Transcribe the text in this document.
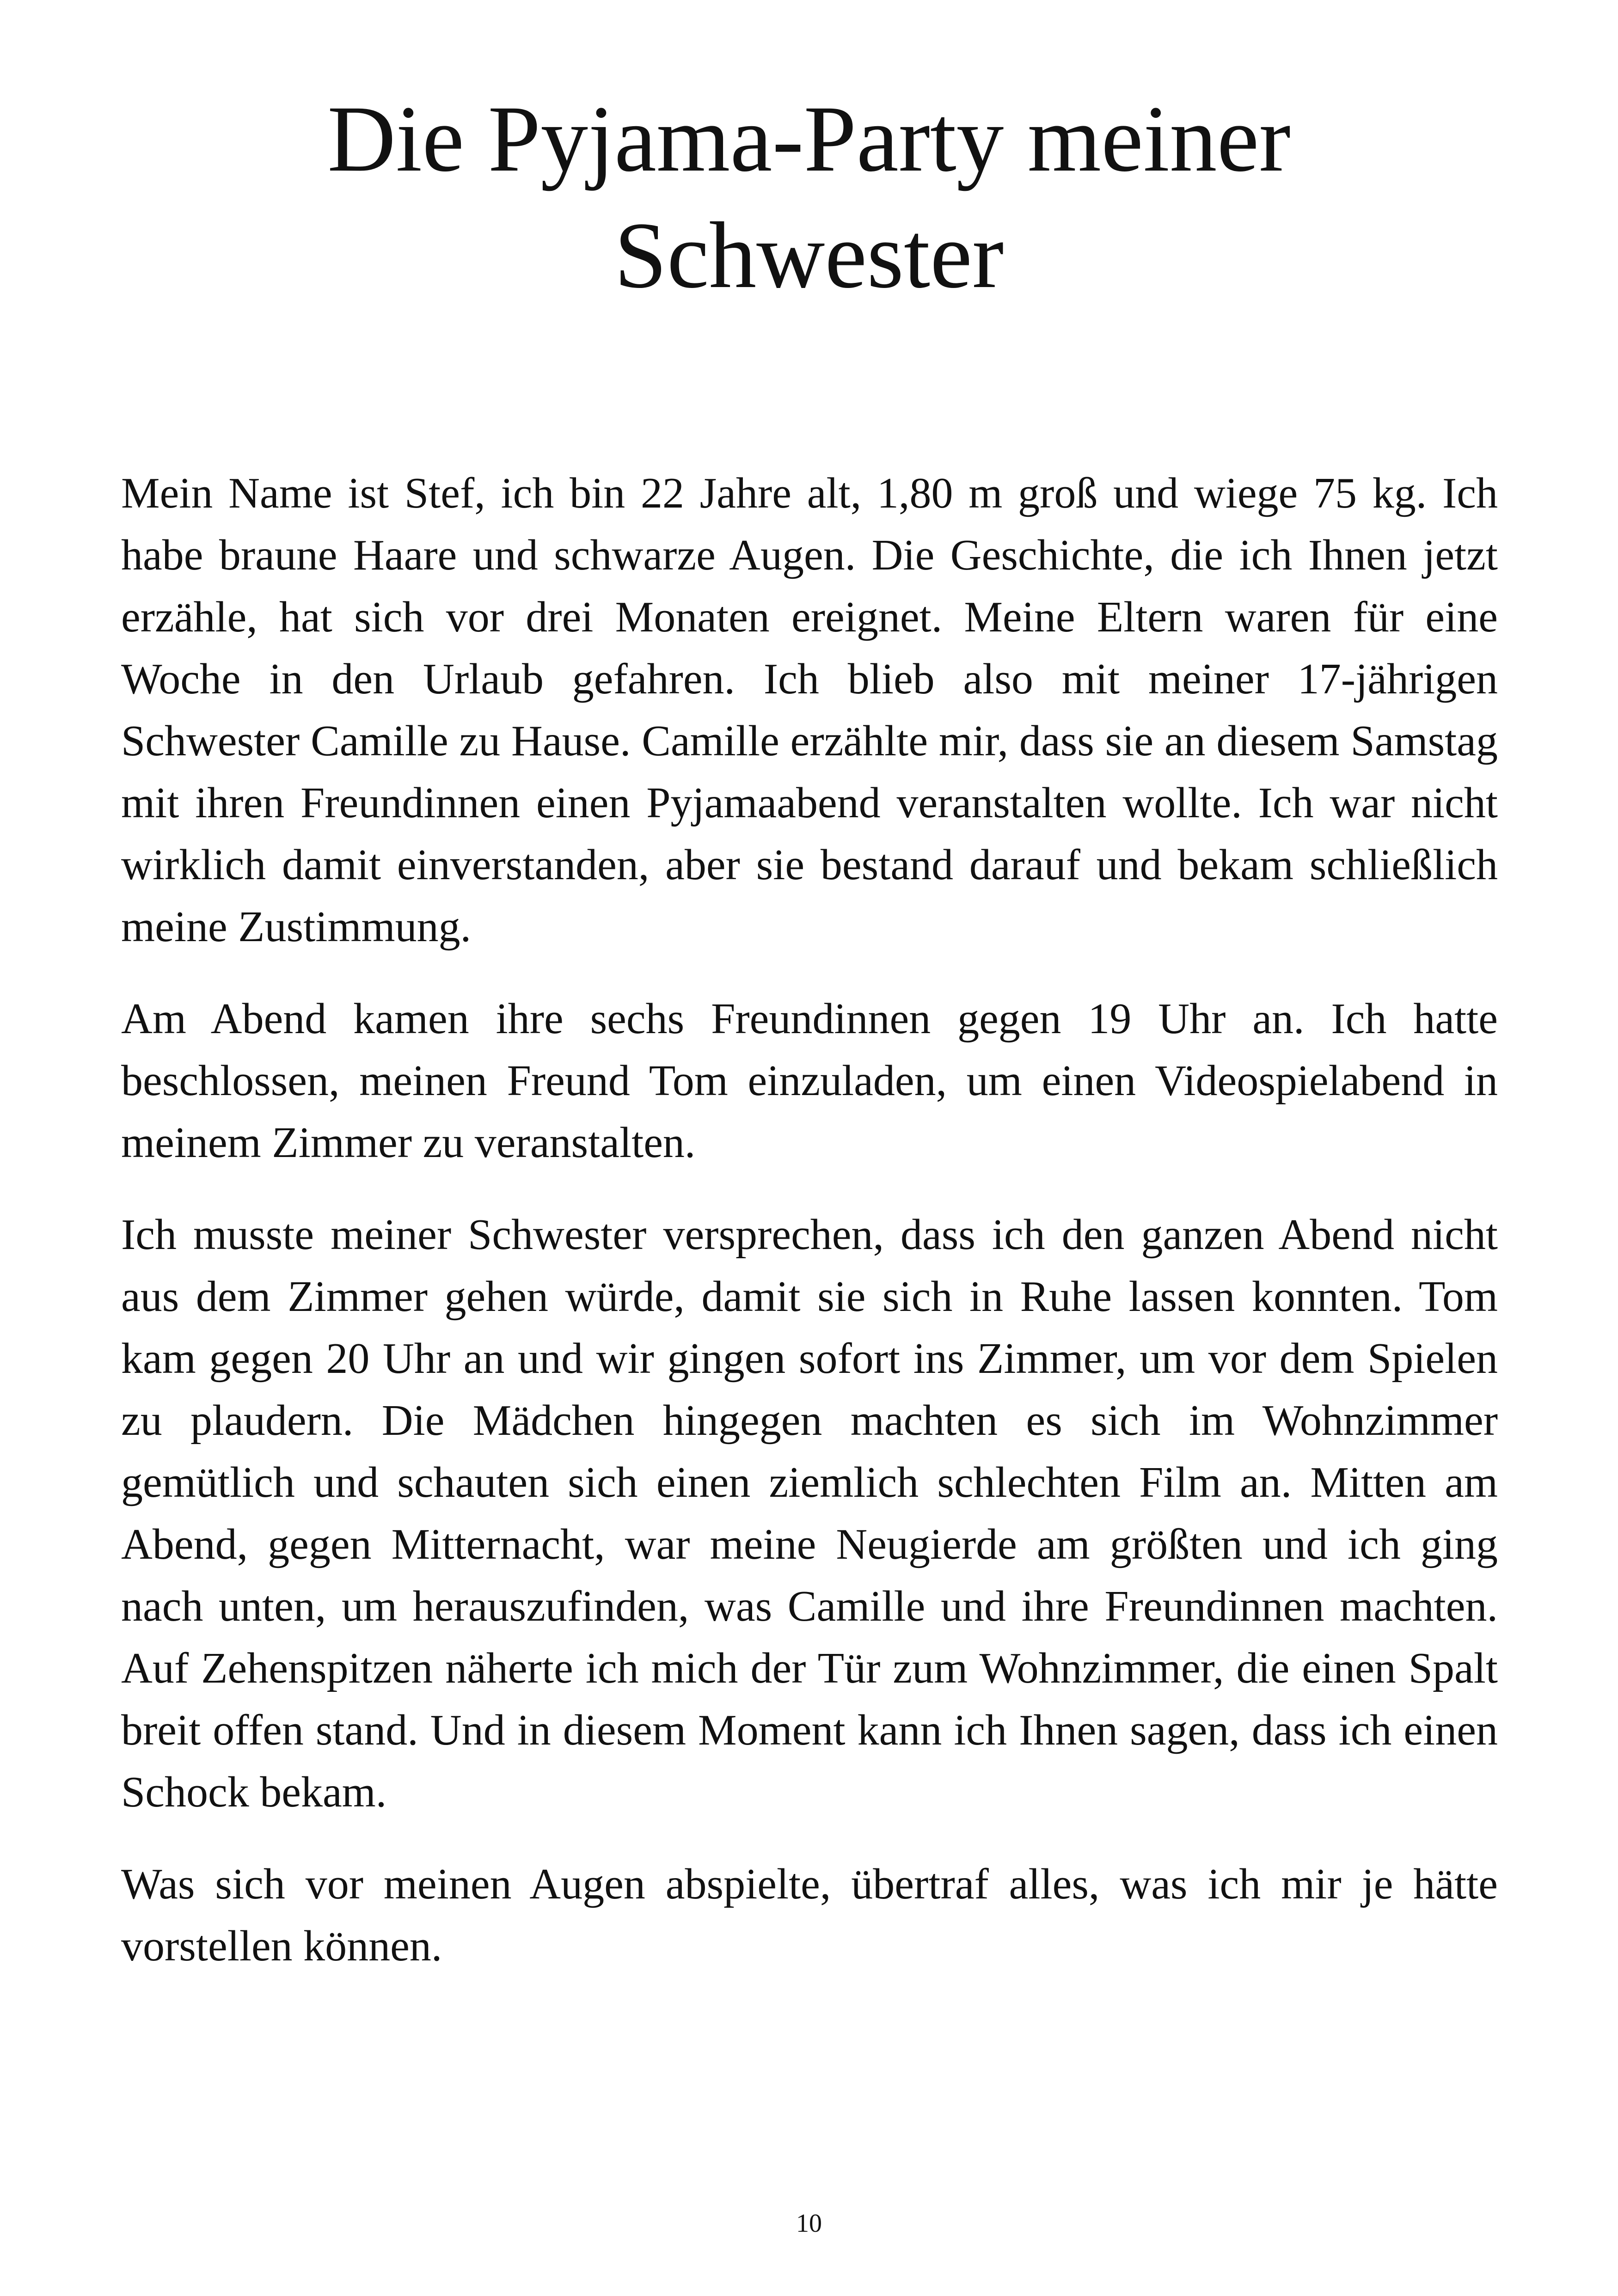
Die Pyjama-Party meiner Schwester

Mein Name ist Stef, ich bin 22 Jahre alt, 1,80 m groß und wiege 75 kg. Ich habe braune Haare und schwarze Augen. Die Geschichte, die ich Ihnen jetzt erzähle, hat sich vor drei Monaten ereignet. Meine Eltern waren für eine Woche in den Urlaub gefahren. Ich blieb also mit meiner 17-jährigen Schwester Camille zu Hause. Camille erzählte mir, dass sie an diesem Samstag mit ihren Freundinnen einen Pyjamaabend veranstalten wollte. Ich war nicht wirklich damit einverstanden, aber sie bestand darauf und bekam schließlich meine Zustimmung.

Am Abend kamen ihre sechs Freundinnen gegen 19 Uhr an. Ich hatte beschlossen, meinen Freund Tom einzuladen, um einen Videospielabend in meinem Zimmer zu veranstalten.

Ich musste meiner Schwester versprechen, dass ich den ganzen Abend nicht aus dem Zimmer gehen würde, damit sie sich in Ruhe lassen konnten. Tom kam gegen 20 Uhr an und wir gingen sofort ins Zimmer, um vor dem Spielen zu plaudern. Die Mädchen hingegen machten es sich im Wohnzimmer gemütlich und schauten sich einen ziemlich schlechten Film an. Mitten am Abend, gegen Mitternacht, war meine Neugierde am größten und ich ging nach unten, um herauszufinden, was Camille und ihre Freundinnen machten. Auf Zehenspitzen näherte ich mich der Tür zum Wohnzimmer, die einen Spalt breit offen stand. Und in diesem Moment kann ich Ihnen sagen, dass ich einen Schock bekam.

Was sich vor meinen Augen abspielte, übertraf alles, was ich mir je hätte vorstellen können.

10
